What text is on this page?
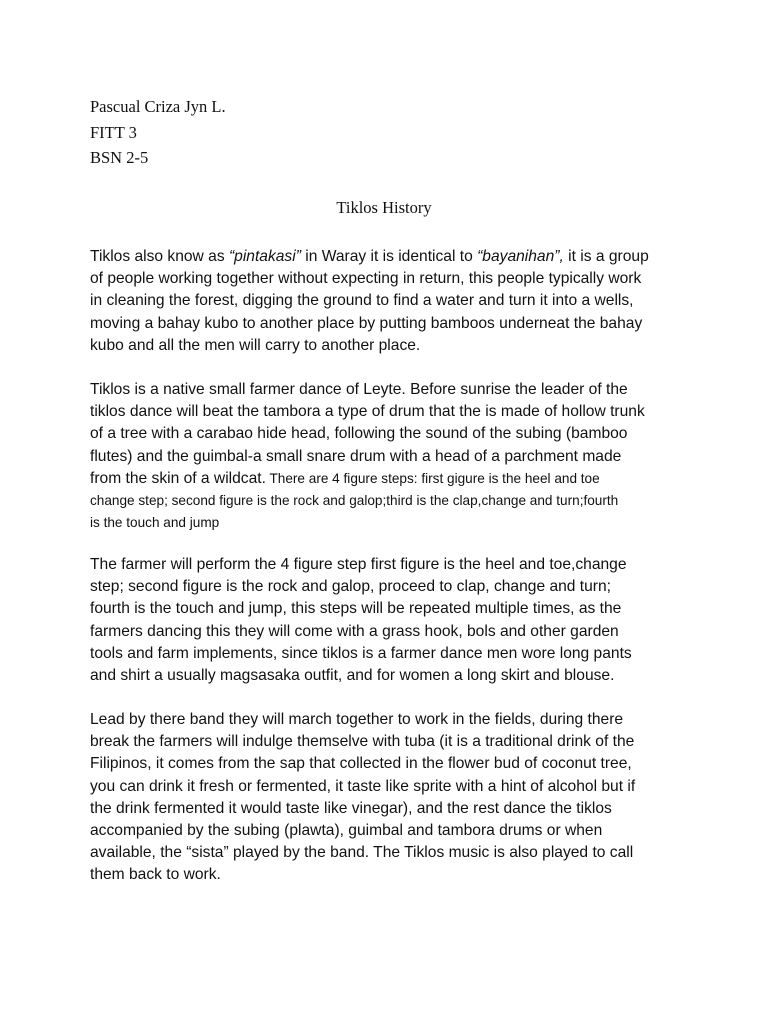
Pascual Criza Jyn L.
FITT 3
BSN 2-5
Tiklos History
Tiklos also know as “pintakasi” in Waray it is identical to “bayanihan”, it is a group
of people working together without expecting in return, this people typically work
in cleaning the forest, digging the ground to find a water and turn it into a wells,
moving a bahay kubo to another place by putting bamboos underneat the bahay
kubo and all the men will carry to another place.
Tiklos is a native small farmer dance of Leyte. Before sunrise the leader of the
tiklos dance will beat the tambora a type of drum that the is made of hollow trunk
of a tree with a carabao hide head, following the sound of the subing (bamboo
flutes) and the guimbal-a small snare drum with a head of a parchment made
from the skin of a wildcat. There are 4 figure steps: first gigure is the heel and toe
change step; second figure is the rock and galop;third is the clap,change and turn;fourth
is the touch and jump
The farmer will perform the 4 figure step first figure is the heel and toe,change
step; second figure is the rock and galop, proceed to clap, change and turn;
fourth is the touch and jump, this steps will be repeated multiple times, as the
farmers dancing this they will come with a grass hook, bols and other garden
tools and farm implements, since tiklos is a farmer dance men wore long pants
and shirt a usually magsasaka outfit, and for women a long skirt and blouse.
Lead by there band they will march together to work in the fields, during there
break the farmers will indulge themselve with tuba (it is a traditional drink of the
Filipinos, it comes from the sap that collected in the flower bud of coconut tree,
you can drink it fresh or fermented, it taste like sprite with a hint of alcohol but if
the drink fermented it would taste like vinegar), and the rest dance the tiklos
accompanied by the subing (plawta), guimbal and tambora drums or when
available, the “sista” played by the band. The Tiklos music is also played to call
them back to work.
